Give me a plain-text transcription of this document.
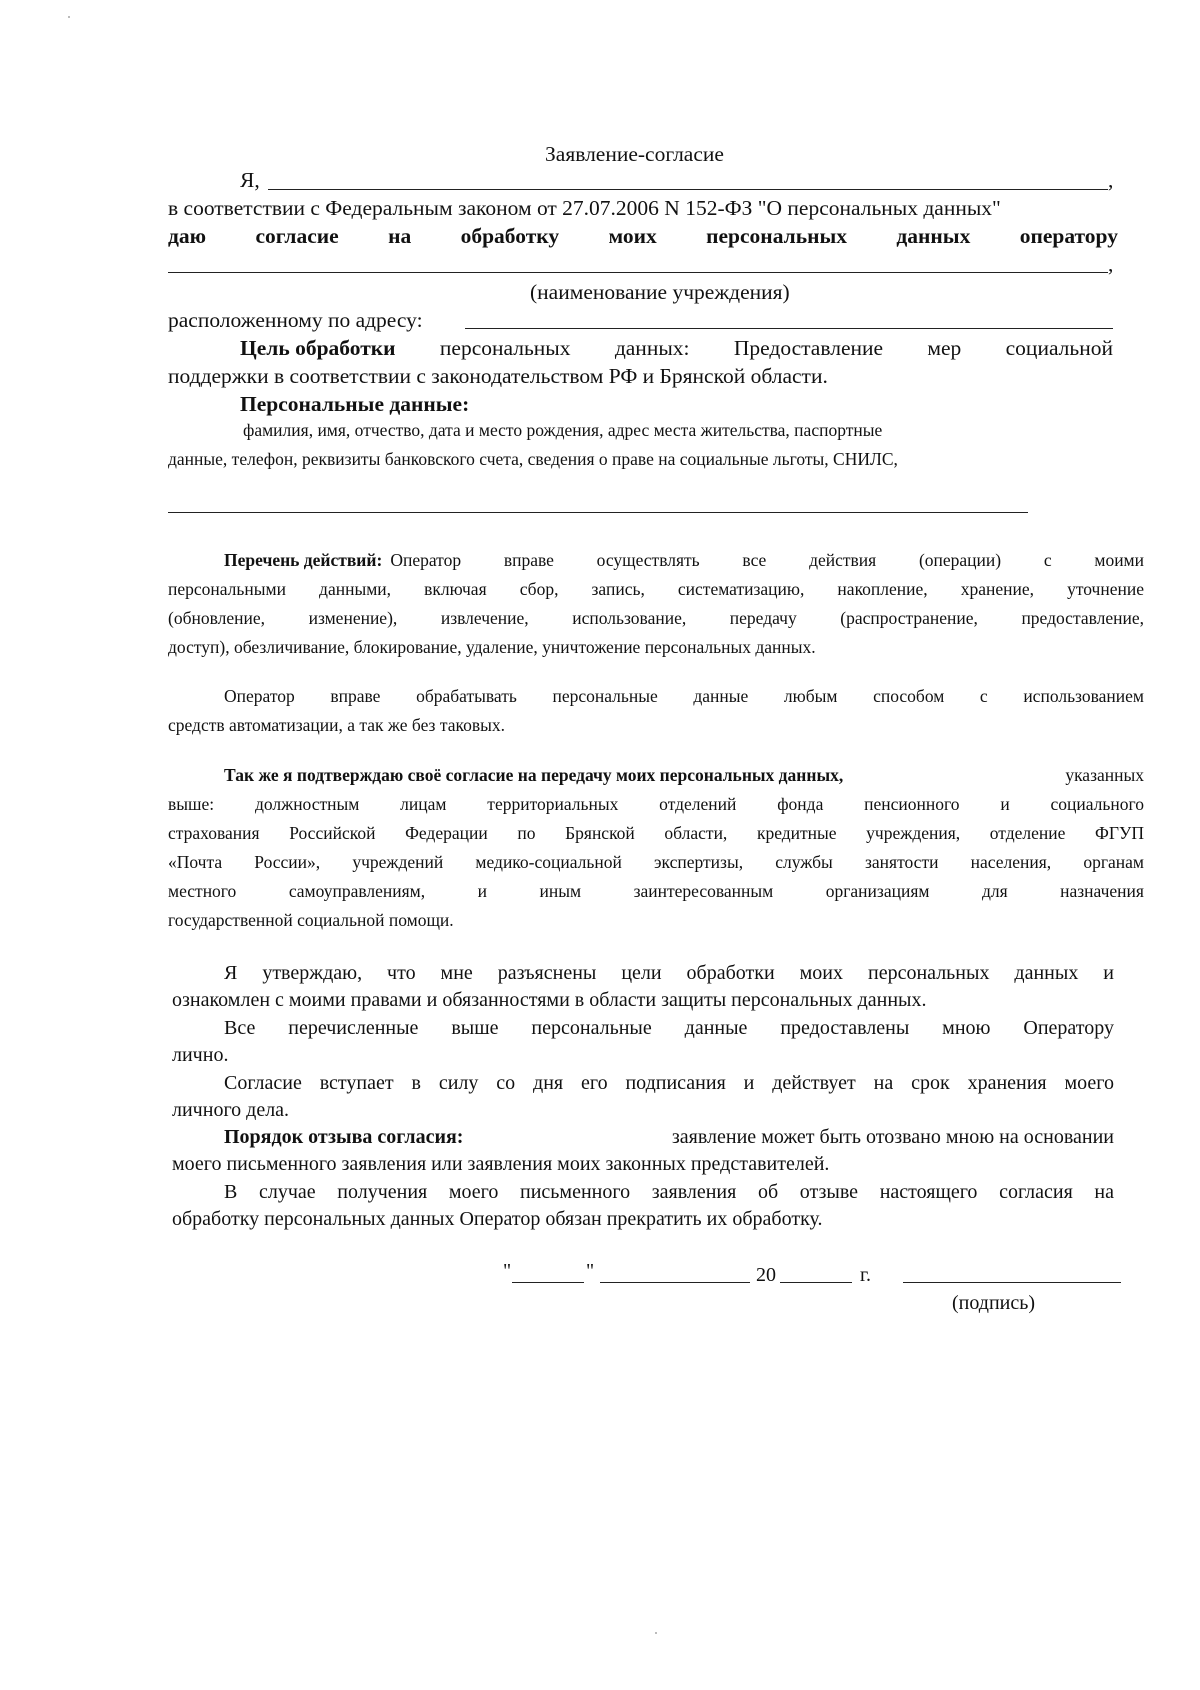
Заявление-согласие
Я,	,
в соответствии с Федеральным законом от 27.07.2006 N 152-ФЗ "О персональных данных"
даю согласие на обработку моих персональных данных оператору
,
(наименование учреждения)
расположенному по адресу:
Цель обработки персональных данных: Предоставление мер социальной
поддержки в соответствии с законодательством РФ и Брянской области.
Персональные данные:
фамилия, имя, отчество, дата и место рождения, адрес места жительства, паспортные
данные, телефон, реквизиты банковского счета, сведения о праве на социальные льготы, СНИЛС,
Перечень действий: Оператор вправе осуществлять все действия (операции) с моими
персональными данными, включая сбор, запись, систематизацию, накопление, хранение, уточнение
(обновление, изменение), извлечение, использование, передачу (распространение, предоставление,
доступ), обезличивание, блокирование, удаление, уничтожение персональных данных.
Оператор вправе обрабатывать персональные данные любым способом с использованием
средств автоматизации, а так же без таковых.
Так же я подтверждаю своё согласие на передачу моих персональных данных,	указанных
выше: должностным лицам территориальных отделений фонда пенсионного и социального
страхования Российской Федерации по Брянской области, кредитные учреждения, отделение ФГУП
«Почта России», учреждений медико-социальной экспертизы, службы занятости населения, органам
местного	самоуправлениям,	и	иным	заинтересованным	организациям	для	назначения
государственной социальной помощи.
Я утверждаю, что мне разъяснены цели обработки моих персональных данных и
ознакомлен с моими правами и обязанностями в области защиты персональных данных.
Все перечисленные выше персональные данные предоставлены мною Оператору
лично.
Согласие вступает в силу со дня его подписания и действует на срок хранения моего
личного дела.
Порядок отзыва согласия:	заявление может быть отозвано мною на основании
моего письменного заявления или заявления моих законных представителей.
В случае получения моего письменного заявления об отзыве настоящего согласия на
обработку персональных данных Оператор обязан прекратить их обработку.
"	"	20	г.
(подпись)
